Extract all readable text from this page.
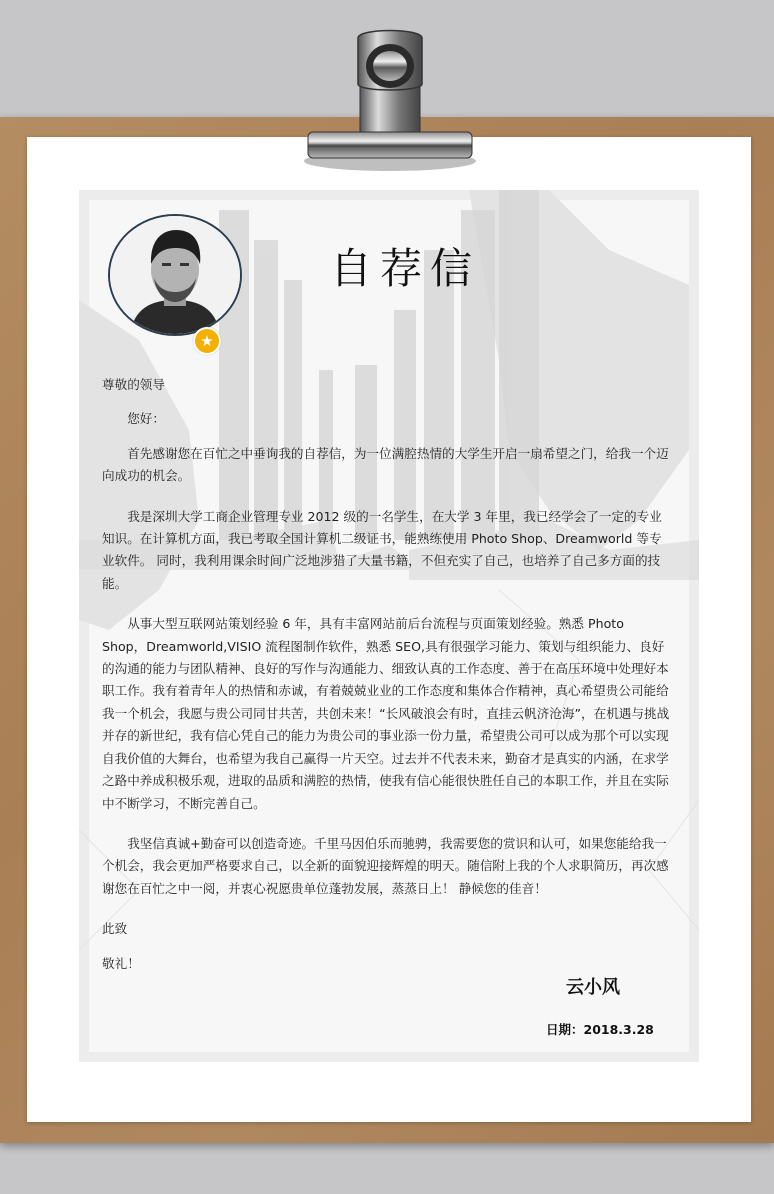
★
自荐信

尊敬的领导

您好：

首先感谢您在百忙之中垂询我的自荐信，为一位满腔热情的大学生开启一扇希望之门，给我一个迈向成功的机会。

我是深圳大学工商企业管理专业 2012 级的一名学生，在大学 3 年里，我已经学会了一定的专业知识。在计算机方面，我已考取全国计算机二级证书，能熟练使用 Photo Shop、Dreamworld 等专业软件。 同时，我利用课余时间广泛地涉猎了大量书籍，不但充实了自己，也培养了自己多方面的技能。

从事大型互联网站策划经验 6 年，具有丰富网站前后台流程与页面策划经验。熟悉 Photo Shop，Dreamworld,VISIO 流程图制作软件，熟悉 SEO,具有很强学习能力、策划与组织能力、良好的沟通的能力与团队精神、良好的写作与沟通能力、细致认真的工作态度、善于在高压环境中处理好本职工作。我有着青年人的热情和赤诚，有着兢兢业业的工作态度和集体合作精神，真心希望贵公司能给我一个机会，我愿与贵公司同甘共苦，共创未来！“长风破浪会有时，直挂云帆济沧海”，在机遇与挑战并存的新世纪，我有信心凭自己的能力为贵公司的事业添一份力量，希望贵公司可以成为那个可以实现自我价值的大舞台，也希望为我自己赢得一片天空。过去并不代表未来，勤奋才是真实的内涵，在求学之路中养成积极乐观，进取的品质和满腔的热情，使我有信心能很快胜任自己的本职工作，并且在实际中不断学习，不断完善自己。

我坚信真诚+勤奋可以创造奇迹。千里马因伯乐而驰骋，我需要您的赏识和认可，如果您能给我一个机会，我会更加严格要求自己，以全新的面貌迎接辉煌的明天。随信附上我的个人求职简历，再次感谢您在百忙之中一阅，并衷心祝愿贵单位蓬勃发展，蒸蒸日上！ 静候您的佳音！

此致

敬礼！

云小风
日期：2018.3.28
